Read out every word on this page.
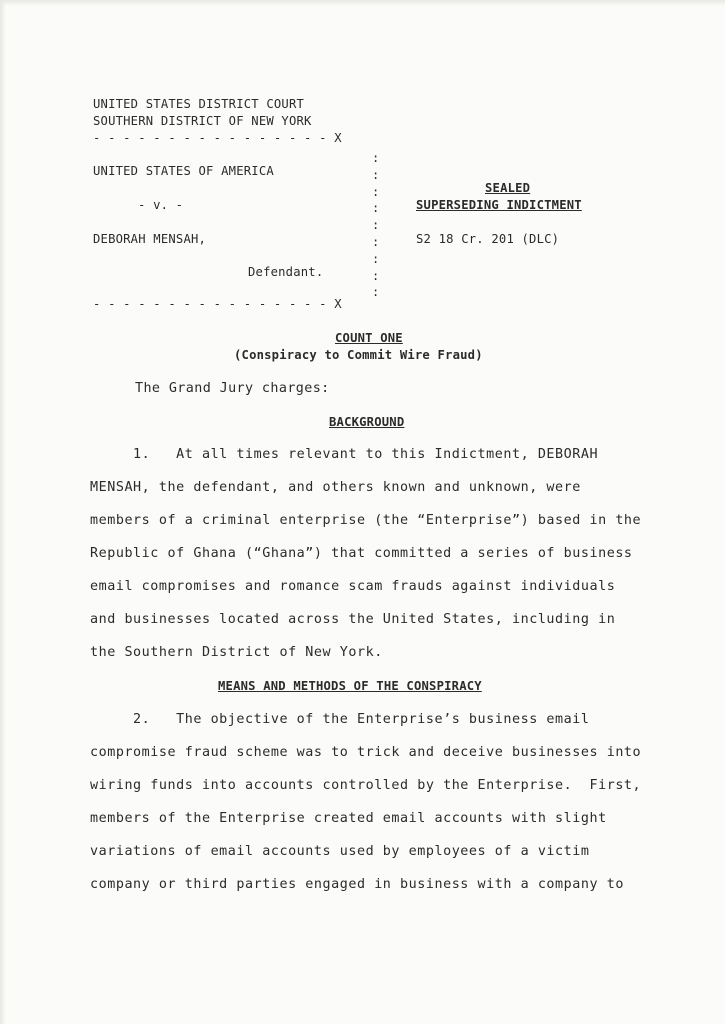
UNITED STATES DISTRICT COURT
SOUTHERN DISTRICT OF NEW YORK
- - - - - - - - - - - - - - - - X
:
:
:
:
:
:
:
:
:
UNITED STATES OF AMERICA
- v. -
DEBORAH MENSAH,
Defendant.
- - - - - - - - - - - - - - - - X
SEALED
SUPERSEDING INDICTMENT
S2 18 Cr. 201 (DLC)
COUNT ONE
(Conspiracy to Commit Wire Fraud)
The Grand Jury charges:
BACKGROUND
1.   At all times relevant to this Indictment, DEBORAH
MENSAH, the defendant, and others known and unknown, were
members of a criminal enterprise (the “Enterprise”) based in the
Republic of Ghana (“Ghana”) that committed a series of business
email compromises and romance scam frauds against individuals
and businesses located across the United States, including in
the Southern District of New York.
MEANS AND METHODS OF THE CONSPIRACY
2.   The objective of the Enterprise’s business email
compromise fraud scheme was to trick and deceive businesses into
wiring funds into accounts controlled by the Enterprise.  First,
members of the Enterprise created email accounts with slight
variations of email accounts used by employees of a victim
company or third parties engaged in business with a company to
